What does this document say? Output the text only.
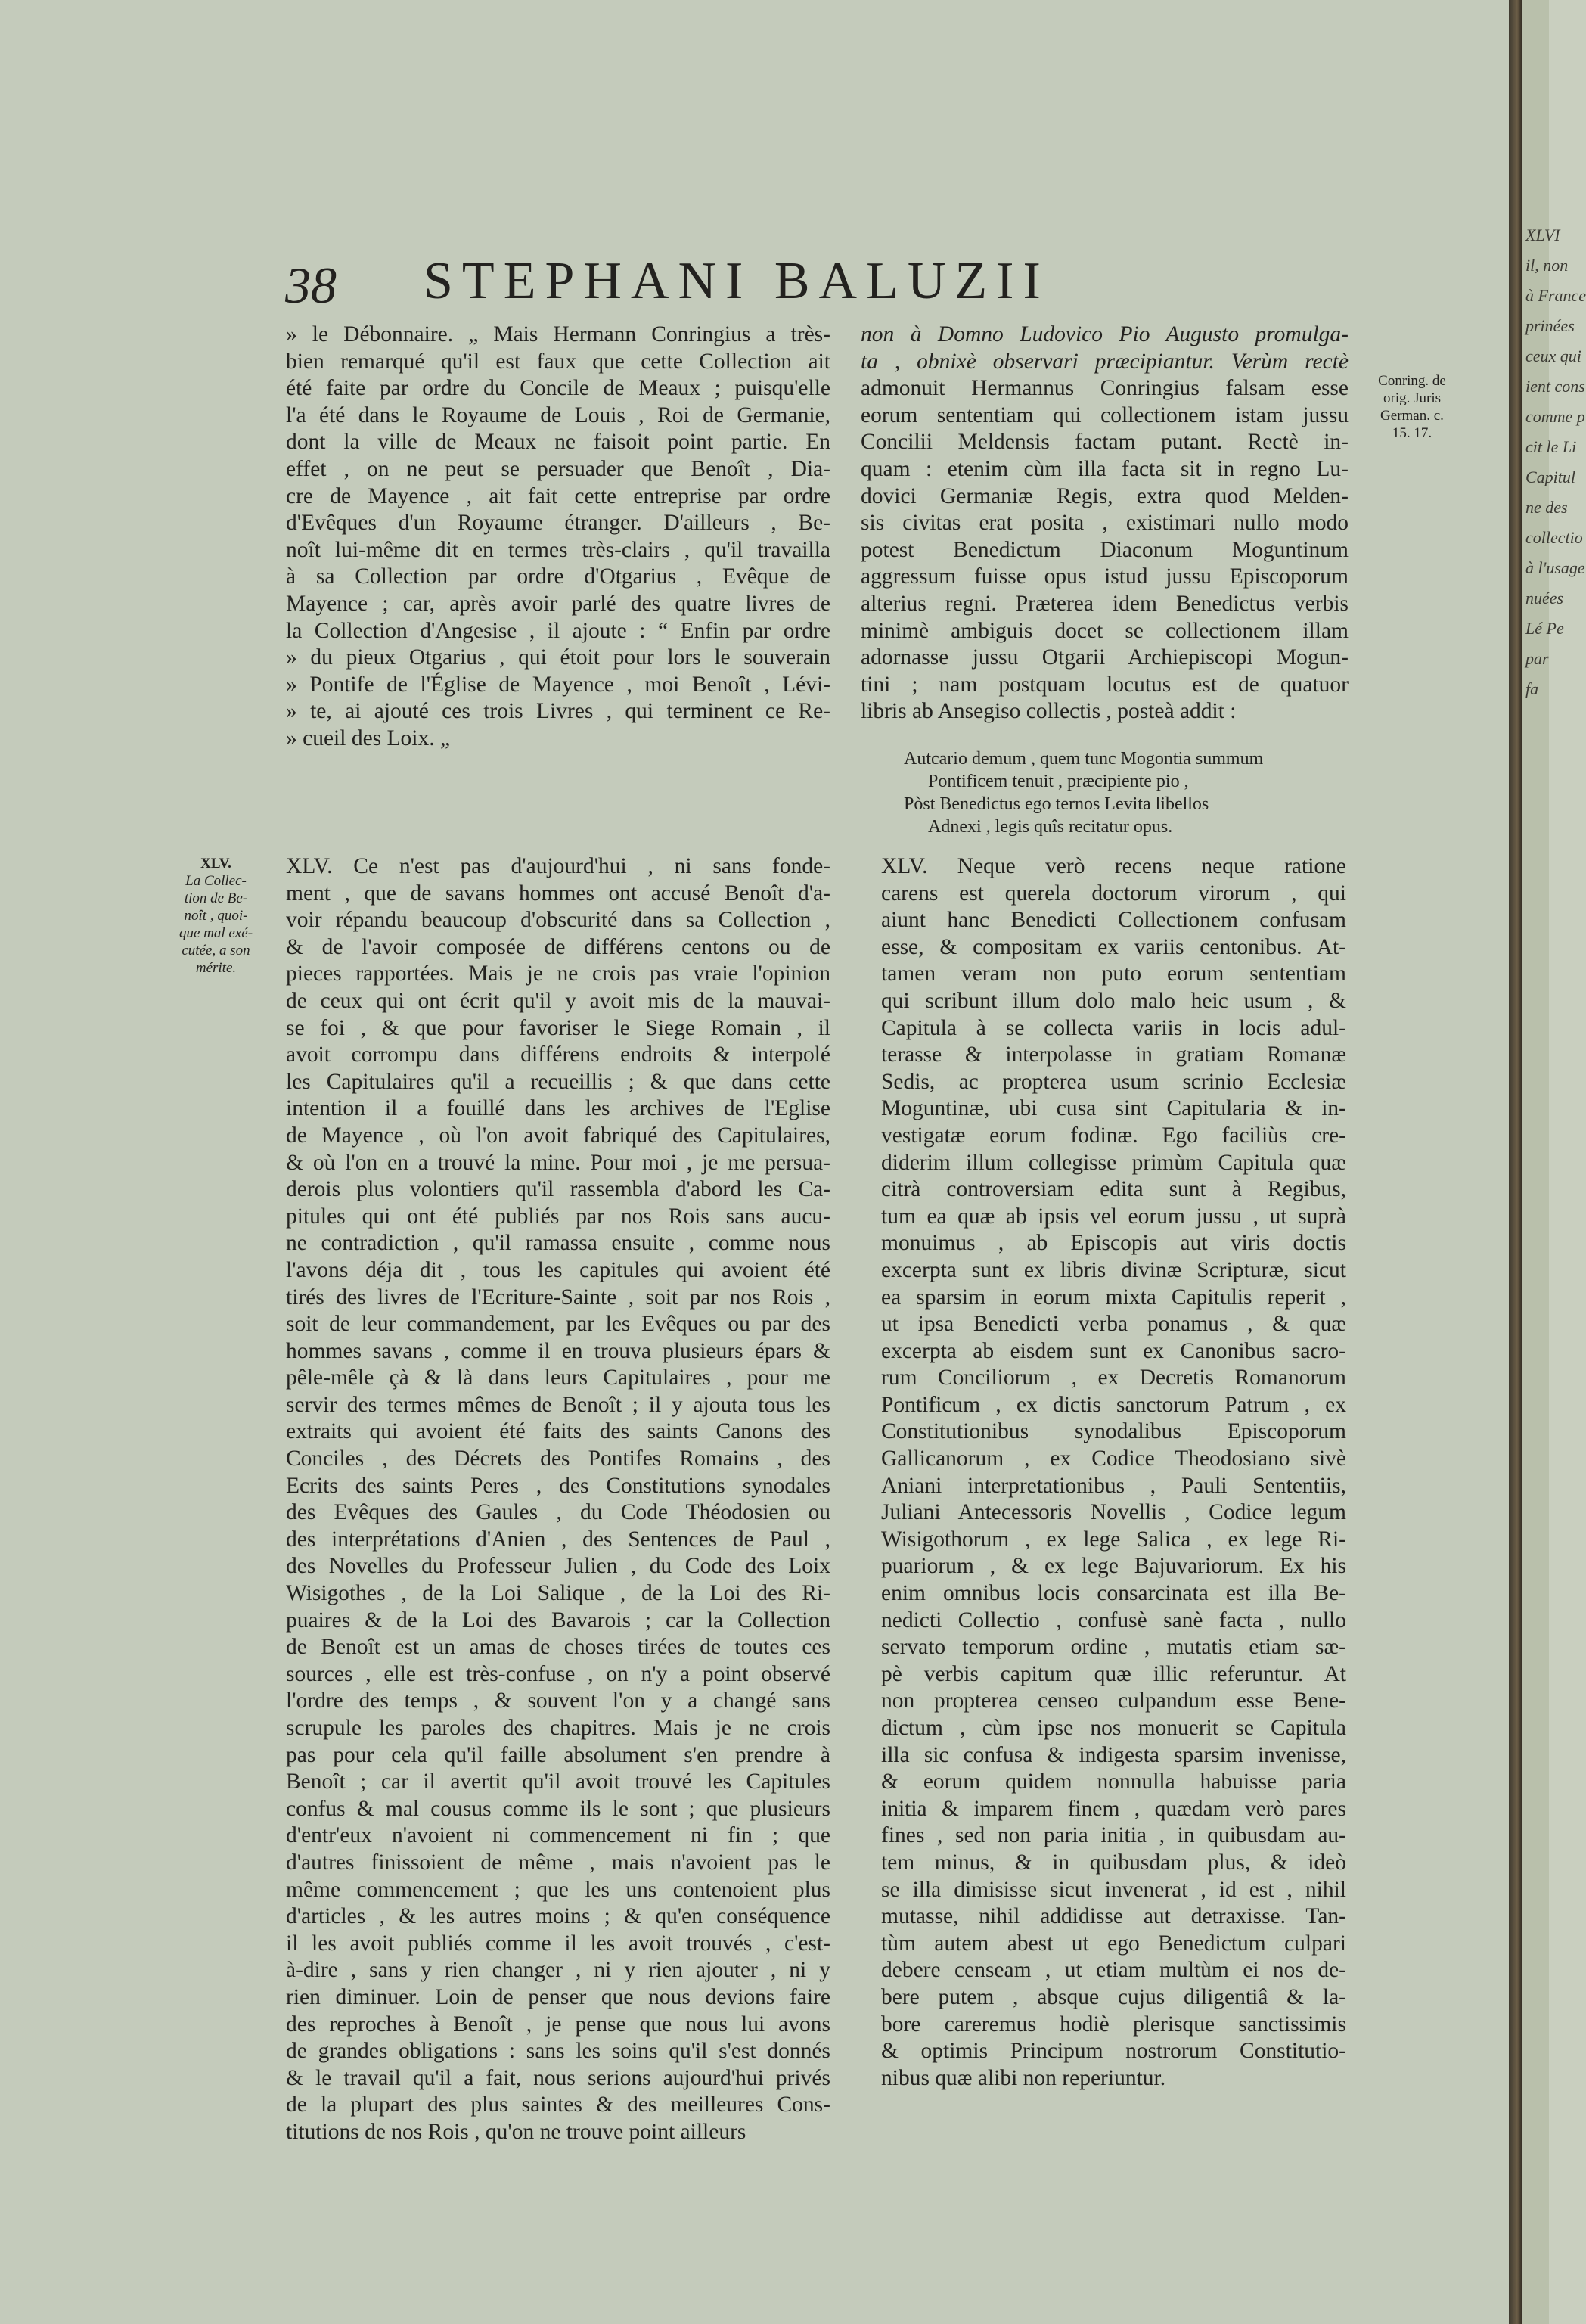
38 STEPHANI BALUZII
» le Débonnaire. „ Mais Hermann Conringius a très-
bien remarqué qu'il est faux que cette Collection ait
été faite par ordre du Concile de Meaux ; puisqu'elle
l'a été dans le Royaume de Louis , Roi de Germanie,
dont la ville de Meaux ne faisoit point partie. En
effet , on ne peut se persuader que Benoît , Dia-
cre de Mayence , ait fait cette entreprise par ordre
d'Evêques d'un Royaume étranger. D'ailleurs , Be-
noît lui-même dit en termes très-clairs , qu'il travailla
à sa Collection par ordre d'Otgarius , Evêque de
Mayence ; car, après avoir parlé des quatre livres de
la Collection d'Angesise , il ajoute : “ Enfin par ordre
» du pieux Otgarius , qui étoit pour lors le souverain
» Pontife de l'Église de Mayence , moi Benoît , Lévi-
» te, ai ajouté ces trois Livres , qui terminent ce Re-
» cueil des Loix. „
non à Domno Ludovico Pio Augusto promulga-
ta , obnixè observari præcipiantur. Verùm rectè
admonuit Hermannus Conringius falsam esse
eorum sententiam qui collectionem istam jussu
Concilii Meldensis factam putant. Rectè in-
quam : etenim cùm illa facta sit in regno Lu-
dovici Germaniæ Regis, extra quod Melden-
sis civitas erat posita , existimari nullo modo
potest Benedictum Diaconum Moguntinum
aggressum fuisse opus istud jussu Episcoporum
alterius regni. Præterea idem Benedictus verbis
minimè ambiguis docet se collectionem illam
adornasse jussu Otgarii Archiepiscopi Mogun-
tini ; nam postquam locutus est de quatuor
libris ab Ansegiso collectis , posteà addit :
Conring. de
orig. Juris
German. c.
15. 17.
Autcario demum , quem tunc Mogontia summum
Pontificem tenuit , præcipiente pio ,
Pòst Benedictus ego ternos Levita libellos
Adnexi , legis quîs recitatur opus.
XLV.
La Collec-
tion de Be-
noît , quoi-
que mal exé-
cutée, a son
mérite.
XLV. Ce n'est pas d'aujourd'hui , ni sans fonde-
ment , que de savans hommes ont accusé Benoît d'a-
voir répandu beaucoup d'obscurité dans sa Collection ,
& de l'avoir composée de différens centons ou de
pieces rapportées. Mais je ne crois pas vraie l'opinion
de ceux qui ont écrit qu'il y avoit mis de la mauvai-
se foi , & que pour favoriser le Siege Romain , il
avoit corrompu dans différens endroits & interpolé
les Capitulaires qu'il a recueillis ; & que dans cette
intention il a fouillé dans les archives de l'Eglise
de Mayence , où l'on avoit fabriqué des Capitulaires,
& où l'on en a trouvé la mine. Pour moi , je me persua-
derois plus volontiers qu'il rassembla d'abord les Ca-
pitules qui ont été publiés par nos Rois sans aucu-
ne contradiction , qu'il ramassa ensuite , comme nous
l'avons déja dit , tous les capitules qui avoient été
tirés des livres de l'Ecriture-Sainte , soit par nos Rois ,
soit de leur commandement, par les Evêques ou par des
hommes savans , comme il en trouva plusieurs épars &
pêle-mêle çà & là dans leurs Capitulaires , pour me
servir des termes mêmes de Benoît ; il y ajouta tous les
extraits qui avoient été faits des saints Canons des
Conciles , des Décrets des Pontifes Romains , des
Ecrits des saints Peres , des Constitutions synodales
des Evêques des Gaules , du Code Théodosien ou
des interprétations d'Anien , des Sentences de Paul ,
des Novelles du Professeur Julien , du Code des Loix
Wisigothes , de la Loi Salique , de la Loi des Ri-
puaires & de la Loi des Bavarois ; car la Collection
de Benoît est un amas de choses tirées de toutes ces
sources , elle est très-confuse , on n'y a point observé
l'ordre des temps , & souvent l'on y a changé sans
scrupule les paroles des chapitres. Mais je ne crois
pas pour cela qu'il faille absolument s'en prendre à
Benoît ; car il avertit qu'il avoit trouvé les Capitules
confus & mal cousus comme ils le sont ; que plusieurs
d'entr'eux n'avoient ni commencement ni fin ; que
d'autres finissoient de même , mais n'avoient pas le
même commencement ; que les uns contenoient plus
d'articles , & les autres moins ; & qu'en conséquence
il les avoit publiés comme il les avoit trouvés , c'est-
à-dire , sans y rien changer , ni y rien ajouter , ni y
rien diminuer. Loin de penser que nous devions faire
des reproches à Benoît , je pense que nous lui avons
de grandes obligations : sans les soins qu'il s'est donnés
& le travail qu'il a fait, nous serions aujourd'hui privés
de la plupart des plus saintes & des meilleures Cons-
titutions de nos Rois , qu'on ne trouve point ailleurs
XLV. Neque verò recens neque ratione
carens est querela doctorum virorum , qui
aiunt hanc Benedicti Collectionem confusam
esse, & compositam ex variis centonibus. At-
tamen veram non puto eorum sententiam
qui scribunt illum dolo malo heic usum , &
Capitula à se collecta variis in locis adul-
terasse & interpolasse in gratiam Romanæ
Sedis, ac propterea usum scrinio Ecclesiæ
Moguntinæ, ubi cusa sint Capitularia & in-
vestigatæ eorum fodinæ. Ego faciliùs cre-
diderim illum collegisse primùm Capitula quæ
citrà controversiam edita sunt à Regibus,
tum ea quæ ab ipsis vel eorum jussu , ut suprà
monuimus , ab Episcopis aut viris doctis
excerpta sunt ex libris divinæ Scripturæ, sicut
ea sparsim in eorum mixta Capitulis reperit ,
ut ipsa Benedicti verba ponamus , & quæ
excerpta ab eisdem sunt ex Canonibus sacro-
rum Conciliorum , ex Decretis Romanorum
Pontificum , ex dictis sanctorum Patrum , ex
Constitutionibus synodalibus Episcoporum
Gallicanorum , ex Codice Theodosiano sivè
Aniani interpretationibus , Pauli Sententiis,
Juliani Antecessoris Novellis , Codice legum
Wisigothorum , ex lege Salica , ex lege Ri-
puariorum , & ex lege Bajuvariorum. Ex his
enim omnibus locis consarcinata est illa Be-
nedicti Collectio , confusè sanè facta , nullo
servato temporum ordine , mutatis etiam sæ-
pè verbis capitum quæ illic referuntur. At
non propterea censeo culpandum esse Bene-
dictum , cùm ipse nos monuerit se Capitula
illa sic confusa & indigesta sparsim invenisse,
& eorum quidem nonnulla habuisse paria
initia & imparem finem , quædam verò pares
fines , sed non paria initia , in quibusdam au-
tem minus, & in quibusdam plus, & ideò
se illa dimisisse sicut invenerat , id est , nihil
mutasse, nihil addidisse aut detraxisse. Tan-
tùm autem abest ut ego Benedictum culpari
debere censeam , ut etiam multùm ei nos de-
bere putem , absque cujus diligentiâ & la-
bore careremus hodiè plerisque sanctissimis
& optimis Principum nostrorum Constitutio-
nibus quæ alibi non reperiuntur.
XLVI
il, non
à France
prinées
ceux qui
ient cons
comme p
cit le Li
Capitul
ne des
collectio
à l'usage
nuées
Lé Pe
par
fa
